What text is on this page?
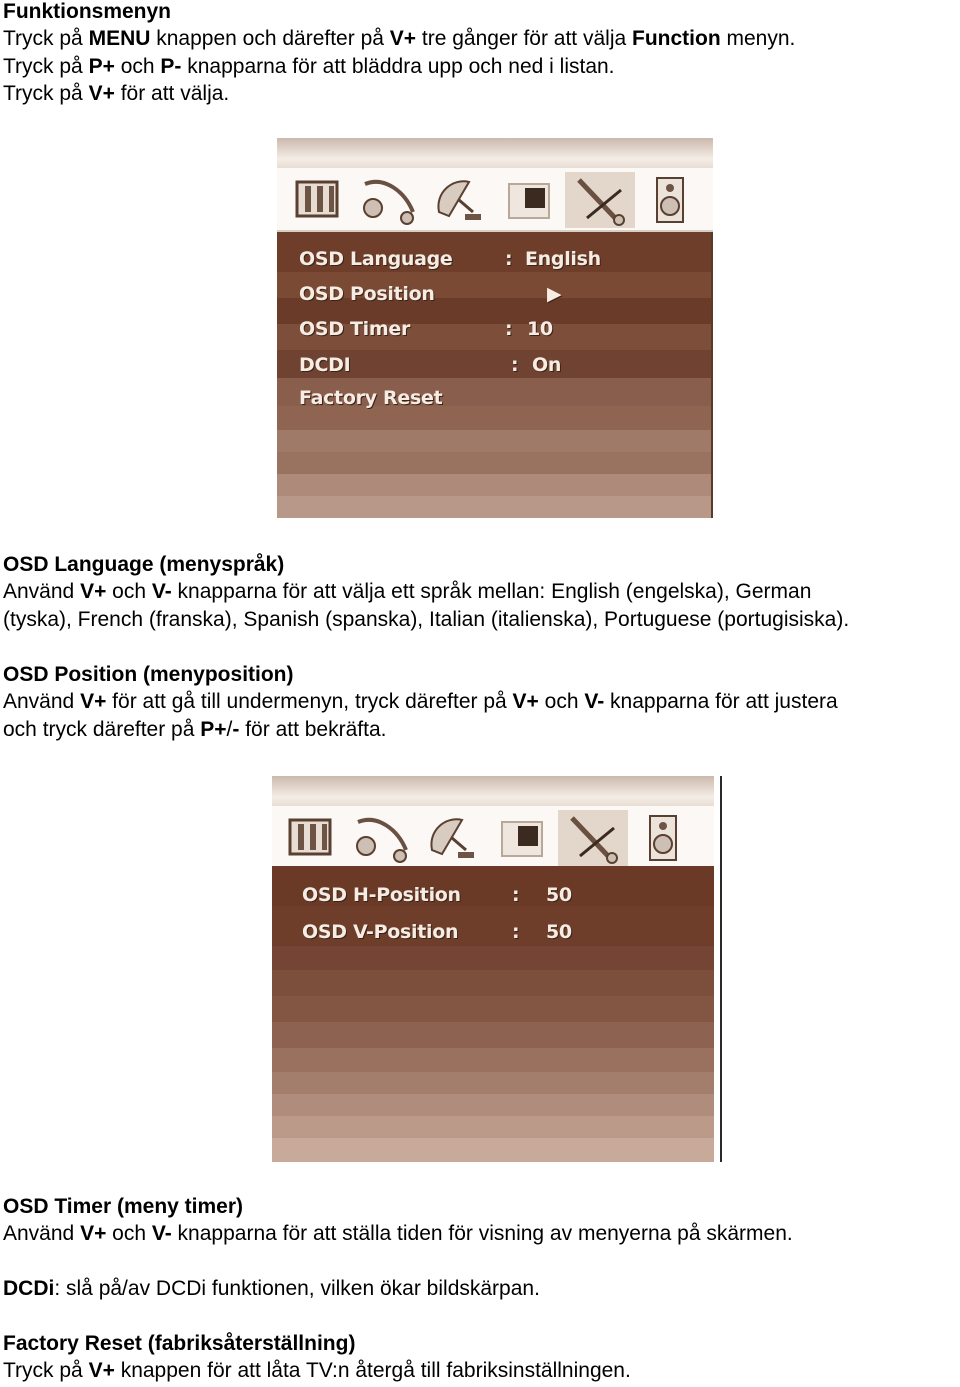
Funktionsmenyn

Tryck på MENU knappen och därefter på V+ tre gånger för att välja Function menyn.

Tryck på P+ och P- knapparna för att bläddra upp och ned i listan.

Tryck på V+ för att välja.

OSD Language	: English
OSD Position	▶
OSD Timer	: 10
DCDI	: On
Factory Reset

OSD Language (menyspråk)

Använd V+ och V- knapparna för att välja ett språk mellan: English (engelska), German

(tyska), French (franska), Spanish (spanska), Italian (italienska), Portuguese (portugisiska).

OSD Position (menyposition)

Använd V+ för att gå till undermenyn, tryck därefter på V+ och V- knapparna för att justera

och tryck därefter på P+/- för att bekräfta.

OSD H-Position	: 50
OSD V-Position	: 50

OSD Timer (meny timer)

Använd V+ och V- knapparna för att ställa tiden för visning av menyerna på skärmen.

DCDi: slå på/av DCDi funktionen, vilken ökar bildskärpan.

Factory Reset (fabriksåterställning)

Tryck på V+ knappen för att låta TV:n återgå till fabriksinställningen.
